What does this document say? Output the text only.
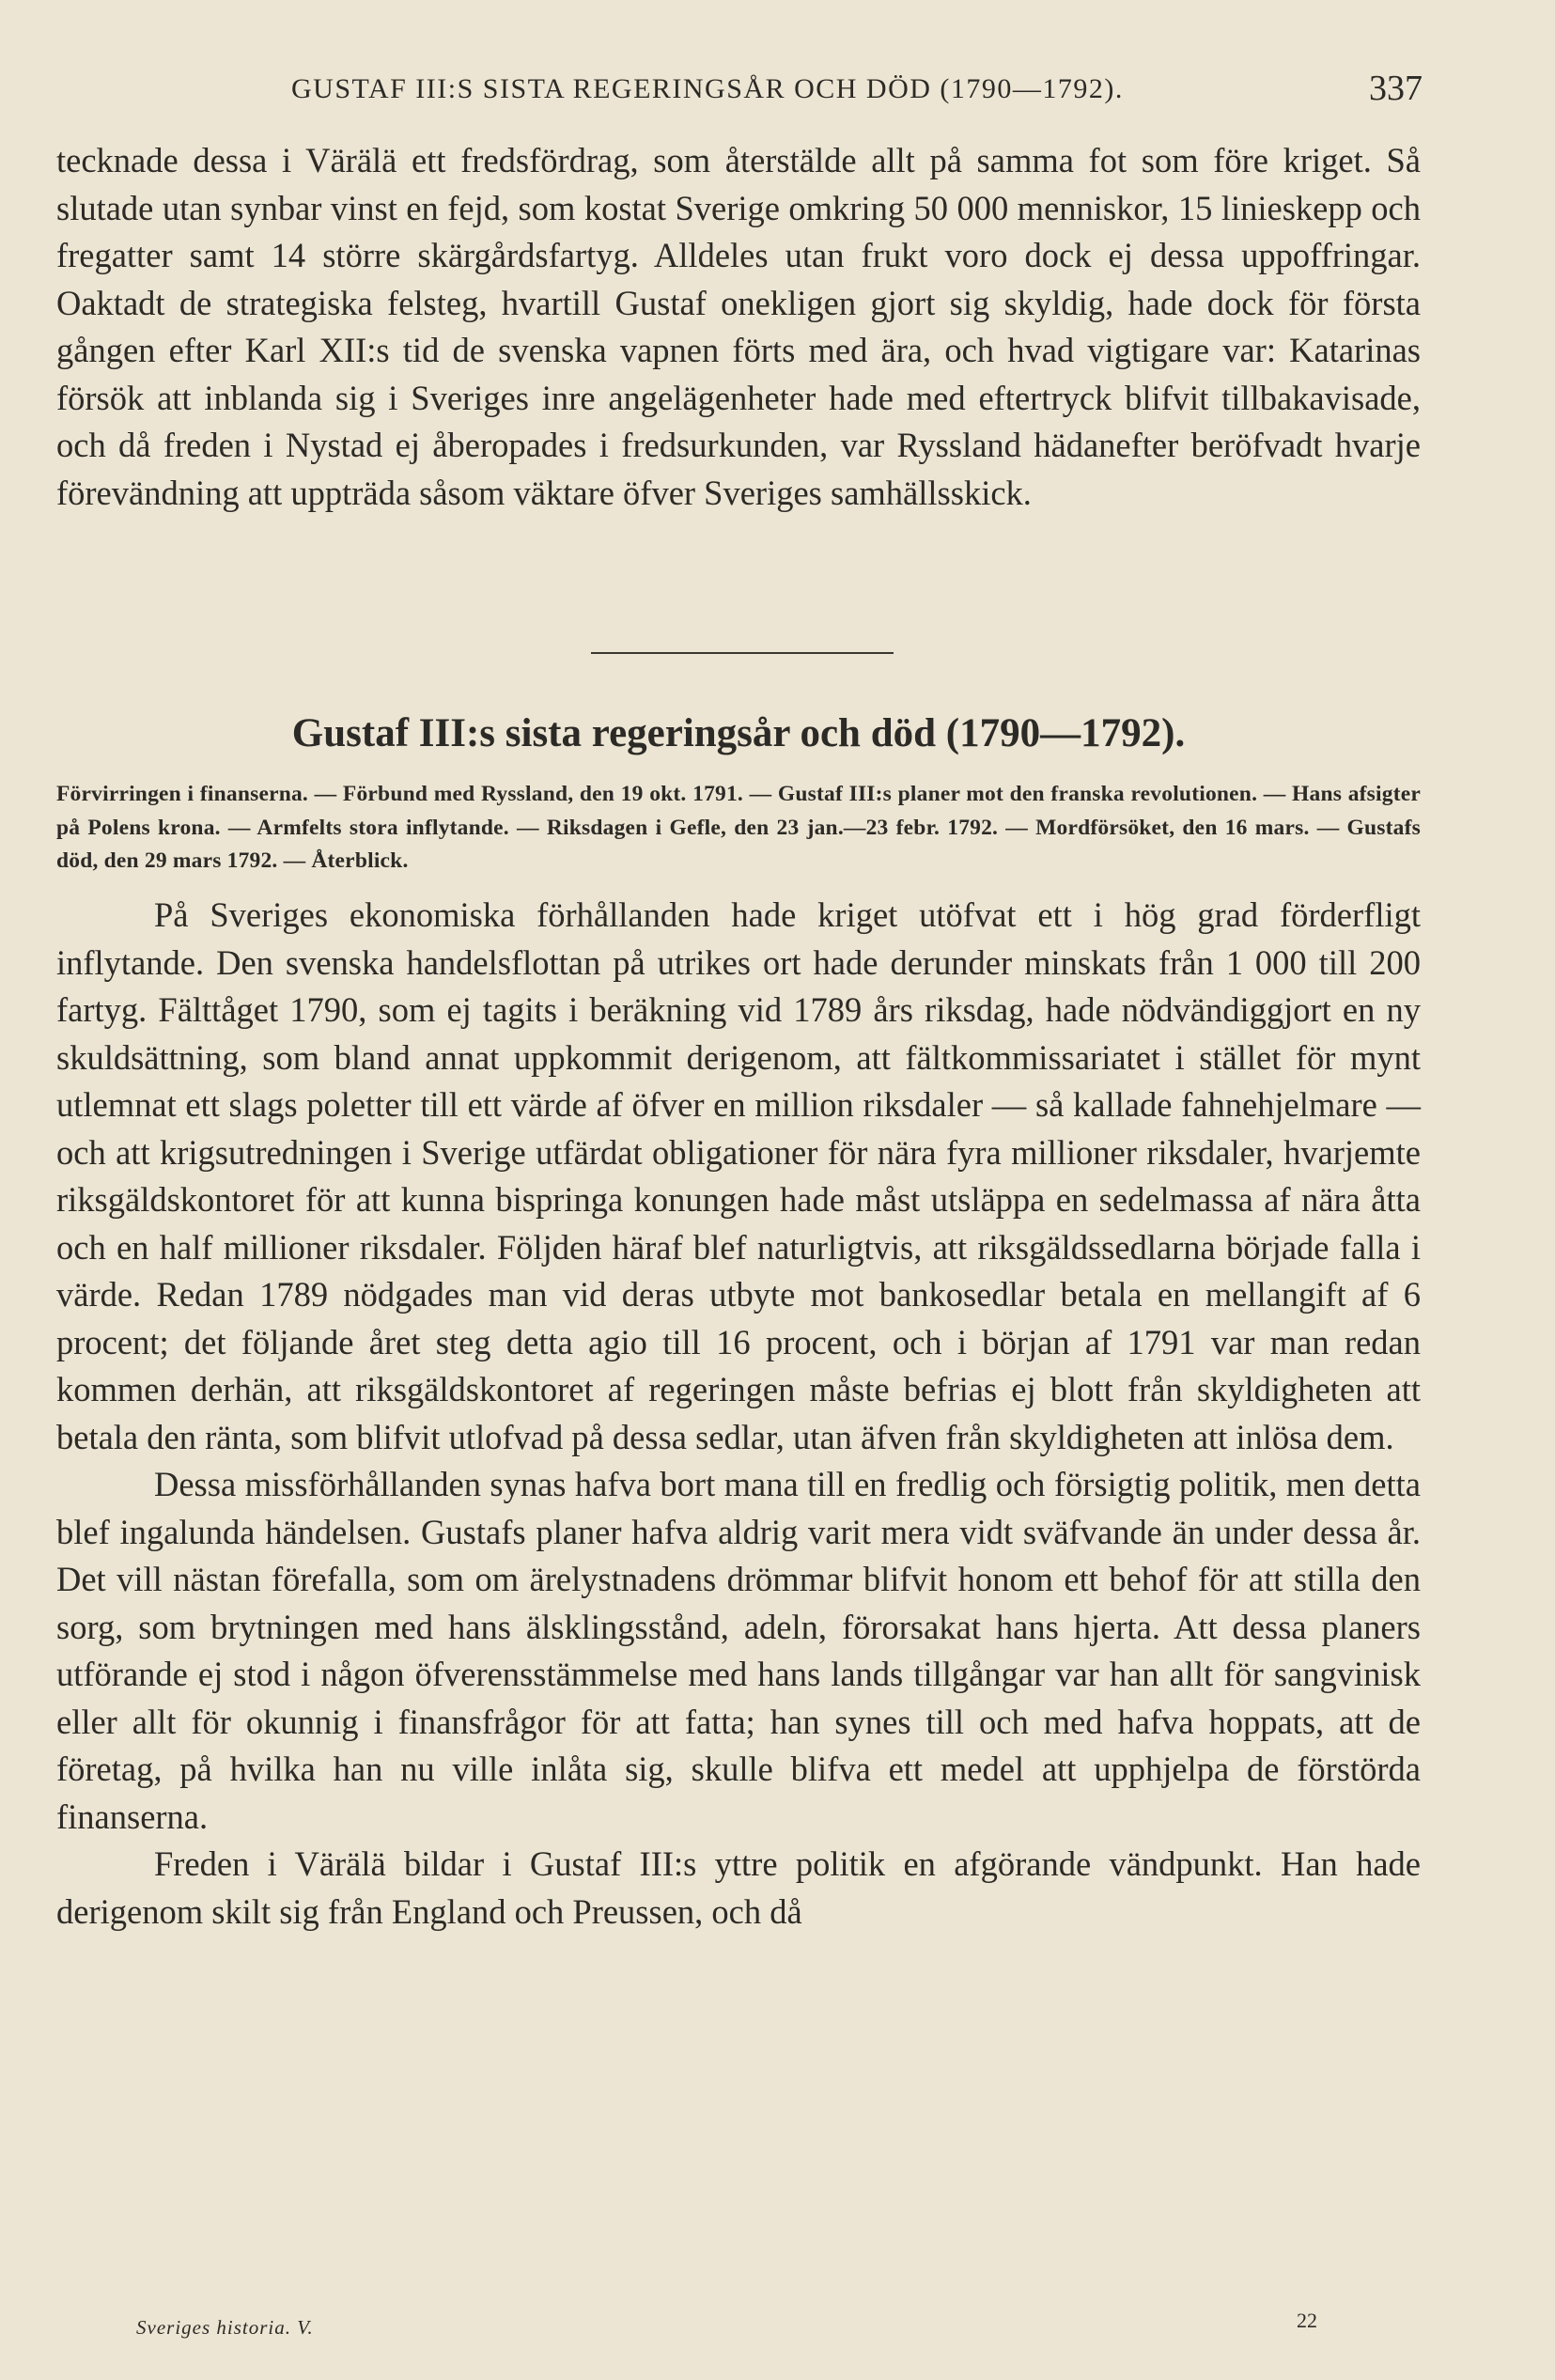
GUSTAF III:S SISTA REGERINGSÅR OCH DÖD (1790—1792).	337

tecknade dessa i Värälä ett fredsfördrag, som återstälde allt på samma fot som före kriget. Så slutade utan synbar vinst en fejd, som kostat Sverige omkring 50 000 menniskor, 15 linieskepp och fregatter samt 14 större skärgårdsfartyg. Alldeles utan frukt voro dock ej dessa uppoffringar. Oaktadt de strategiska felsteg, hvartill Gustaf onekligen gjort sig skyldig, hade dock för första gången efter Karl XII:s tid de svenska vapnen förts med ära, och hvad vigtigare var: Katarinas försök att inblanda sig i Sveriges inre angelägenheter hade med eftertryck blifvit tillbakavisade, och då freden i Nystad ej åberopades i fredsurkunden, var Ryssland hädanefter beröfvadt hvarje förevändning att uppträda såsom väktare öfver Sveriges samhällsskick.

Gustaf III:s sista regeringsår och död (1790—1792).
Förvirringen i finanserna. — Förbund med Ryssland, den 19 okt. 1791. — Gustaf III:s planer mot den franska revolutionen. — Hans afsigter på Polens krona. — Armfelts stora inflytande. — Riksdagen i Gefle, den 23 jan.—23 febr. 1792. — Mordförsöket, den 16 mars. — Gustafs död, den 29 mars 1792. — Återblick.

På Sveriges ekonomiska förhållanden hade kriget utöfvat ett i hög grad förderfligt inflytande. Den svenska handelsflottan på utrikes ort hade derunder minskats från 1 000 till 200 fartyg. Fälttåget 1790, som ej tagits i beräkning vid 1789 års riksdag, hade nödvändiggjort en ny skuldsättning, som bland annat uppkommit derigenom, att fältkommissariatet i stället för mynt utlemnat ett slags poletter till ett värde af öfver en million riksdaler — så kallade fahnehjelmare — och att krigsutredningen i Sverige utfärdat obligationer för nära fyra millioner riksdaler, hvarjemte riksgäldskontoret för att kunna bispringa konungen hade måst utsläppa en sedelmassa af nära åtta och en half millioner riksdaler. Följden häraf blef naturligtvis, att riksgäldssedlarna började falla i värde. Redan 1789 nödgades man vid deras utbyte mot bankosedlar betala en mellangift af 6 procent; det följande året steg detta agio till 16 procent, och i början af 1791 var man redan kommen derhän, att riksgäldskontoret af regeringen måste befrias ej blott från skyldigheten att betala den ränta, som blifvit utlofvad på dessa sedlar, utan äfven från skyldigheten att inlösa dem.

Dessa missförhållanden synas hafva bort mana till en fredlig och försigtig politik, men detta blef ingalunda händelsen. Gustafs planer hafva aldrig varit mera vidt sväfvande än under dessa år. Det vill nästan förefalla, som om ärelystnadens drömmar blifvit honom ett behof för att stilla den sorg, som brytningen med hans älsklingsstånd, adeln, förorsakat hans hjerta. Att dessa planers utförande ej stod i någon öfverensstämmelse med hans lands tillgångar var han allt för sangvinisk eller allt för okunnig i finansfrågor för att fatta; han synes till och med hafva hoppats, att de företag, på hvilka han nu ville inlåta sig, skulle blifva ett medel att upphjelpa de förstörda finanserna.

Freden i Värälä bildar i Gustaf III:s yttre politik en afgörande vändpunkt. Han hade derigenom skilt sig från England och Preussen, och då

Sveriges historia. V.	22
